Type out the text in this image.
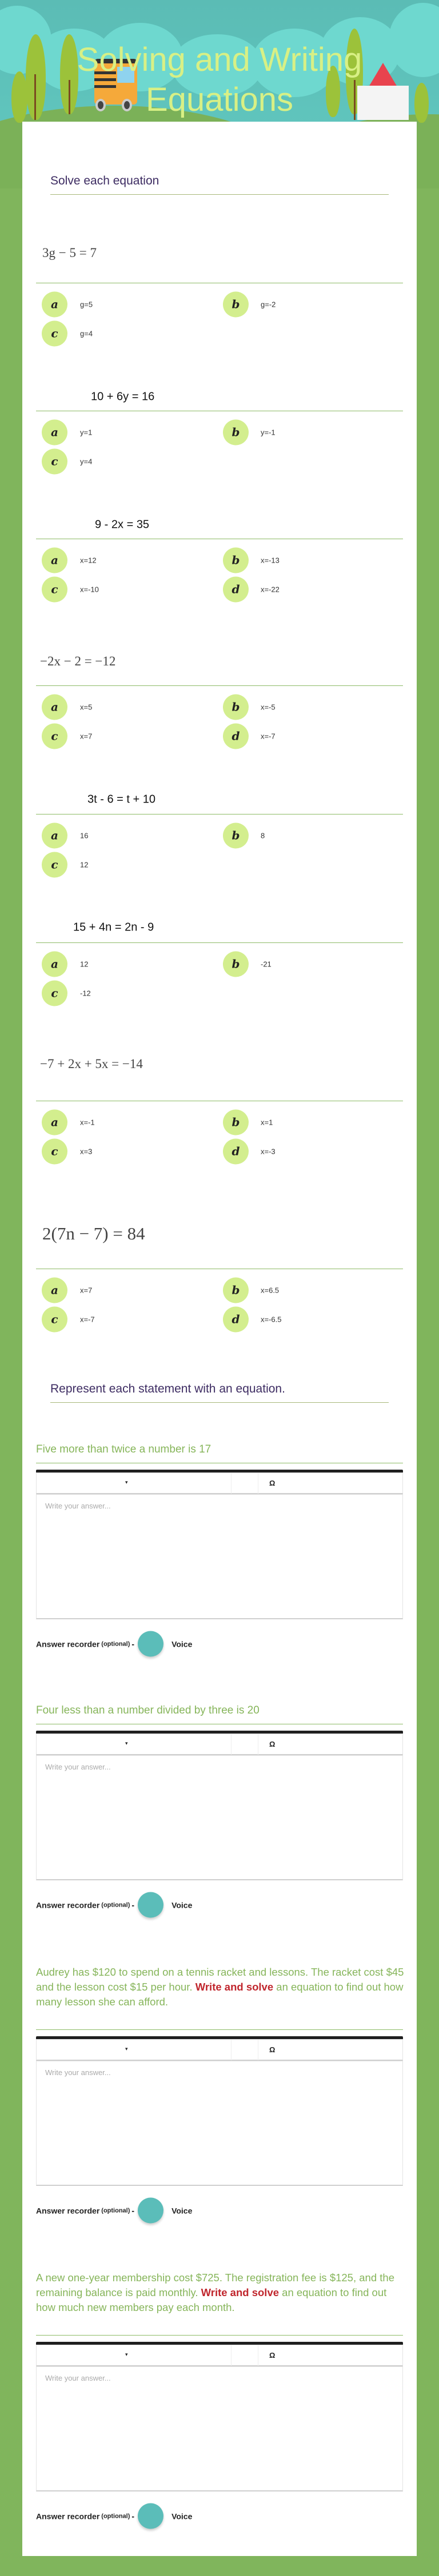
Solving and Writing
Equations
Solve each equation
3g − 5 = 7
a	g=5	b	g=-2
c	g=4
10 + 6y = 16
a	y=1	b	y=-1
c	y=4
9 - 2x = 35
a	x=12	b	x=-13
c	x=-10	d	x=-22
−2x − 2 = −12
a	x=5	b	x=-5
c	x=7	d	x=-7
3t - 6 = t + 10
a	16	b	8
c	12
15 + 4n = 2n - 9
a	12	b	-21
c	-12
−7 + 2x + 5x = −14
a	x=-1	b	x=1
c	x=3	d	x=-3
2(7n − 7) = 84
a	x=7	b	x=6.5
c	x=-7	d	x=-6.5
Represent each statement with an equation.
Five more than twice a number is 17
▾	Ω
Write your answer...
Answer recorder (optional) -	Voice
Four less than a number divided by three is 20
▾	Ω
Write your answer...
Answer recorder (optional) -	Voice
Audrey has $120 to spend on a tennis racket and lessons. The racket cost $45 and the lesson cost $15 per hour. Write and solve an equation to find out how many lesson she can afford.
▾	Ω
Write your answer...
Answer recorder (optional) -	Voice
A new one-year membership cost $725. The registration fee is $125, and the remaining balance is paid monthly. Write and solve an equation to find out how much new members pay each month.
▾	Ω
Write your answer...
Answer recorder (optional) -	Voice
